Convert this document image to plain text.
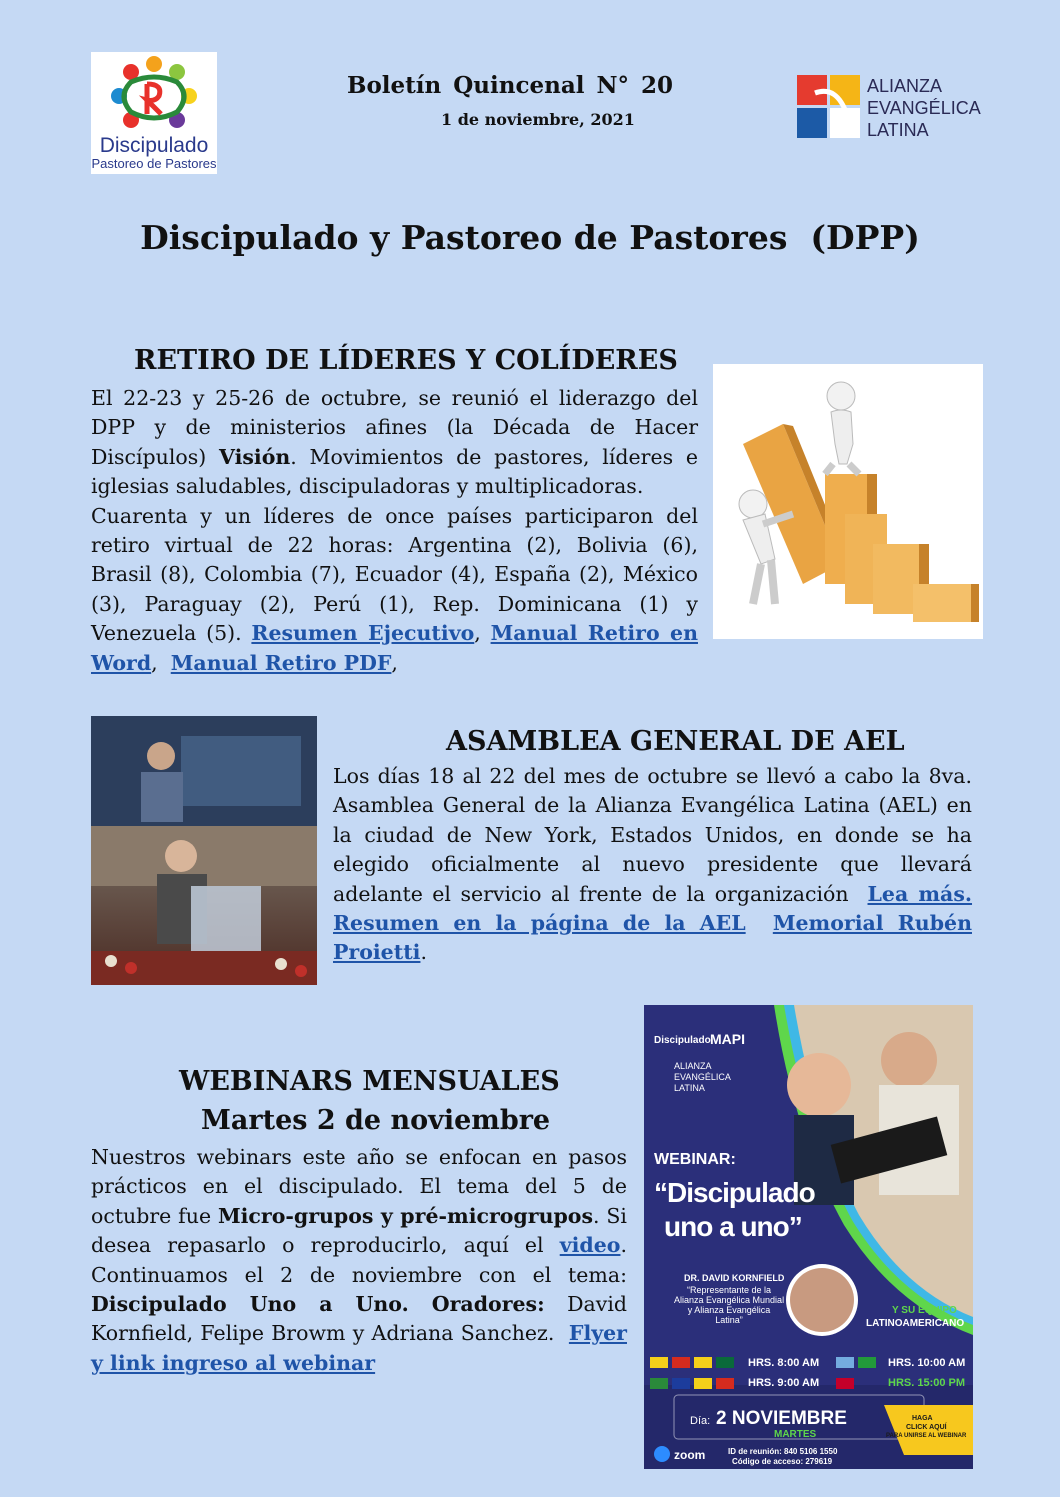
Discipulado
Pastoreo de Pastores
Boletín Quincenal N° 20
1 de noviembre, 2021
ALIANZA
EVANGÉLICA
LATINA
Discipulado y Pastoreo de Pastores  (DPP)
RETIRO DE LÍDERES Y COLÍDERES

El 22-23 y 25-26 de octubre, se reunió el liderazgo del DPP y de ministerios afines (la Década de Hacer Discípulos) Visión. Movimientos de pastores, líderes e iglesias saludables, discipuladoras y multiplicadoras.

Cuarenta y un líderes de once países participaron del retiro virtual de 22 horas: Argentina (2), Bolivia (6), Brasil (8), Colombia (7), Ecuador (4), España (2), México (3), Paraguay (2), Perú (1), Rep. Dominicana (1) y Venezuela (5). Resumen Ejecutivo, Manual Retiro en Word,  Manual Retiro PDF,

ASAMBLEA GENERAL DE AEL

Los días 18 al 22 del mes de octubre se llevó a cabo la 8va. Asamblea General de la Alianza Evangélica Latina (AEL) en la ciudad de New York, Estados Unidos, en donde se ha elegido oficialmente al nuevo presidente que llevará adelante el servicio al frente de la organización  Lea más. Resumen en la página de la AEL Memorial Rubén Proietti.

WEBINARS MENSUALES
Martes 2 de noviembre

Nuestros webinars este año se enfocan en pasos prácticos en el discipulado. El tema del 5 de octubre fue Micro-grupos y pré-microgrupos. Si desea repasarlo o reproducirlo, aquí el video. Continuamos el 2 de noviembre con el tema: Discipulado Uno a Uno. Oradores: David Kornfield, Felipe Browm y Adriana Sanchez.  Flyer y link ingreso al webinar

Discipulado MAPI
ALIANZA EVANGÉLICA LATINA
WEBINAR:
“Discipulado
uno a uno”
DR. DAVID KORNFIELD
“Representante de la
Alianza Evangélica Mundial
y Alianza Evangélica
Latina”
Y SU EQUIPO
LATINOAMERICANO
HRS. 8:00 AM
HRS. 9:00 AM
HRS. 10:00 AM
HRS. 15:00 PM
Día: 2 NOVIEMBRE
MARTES
HAGA
CLICK AQUÍ
PARA UNIRSE AL WEBINAR
zoom	ID de reunión: 840 5106 1550
Código de acceso: 279619
